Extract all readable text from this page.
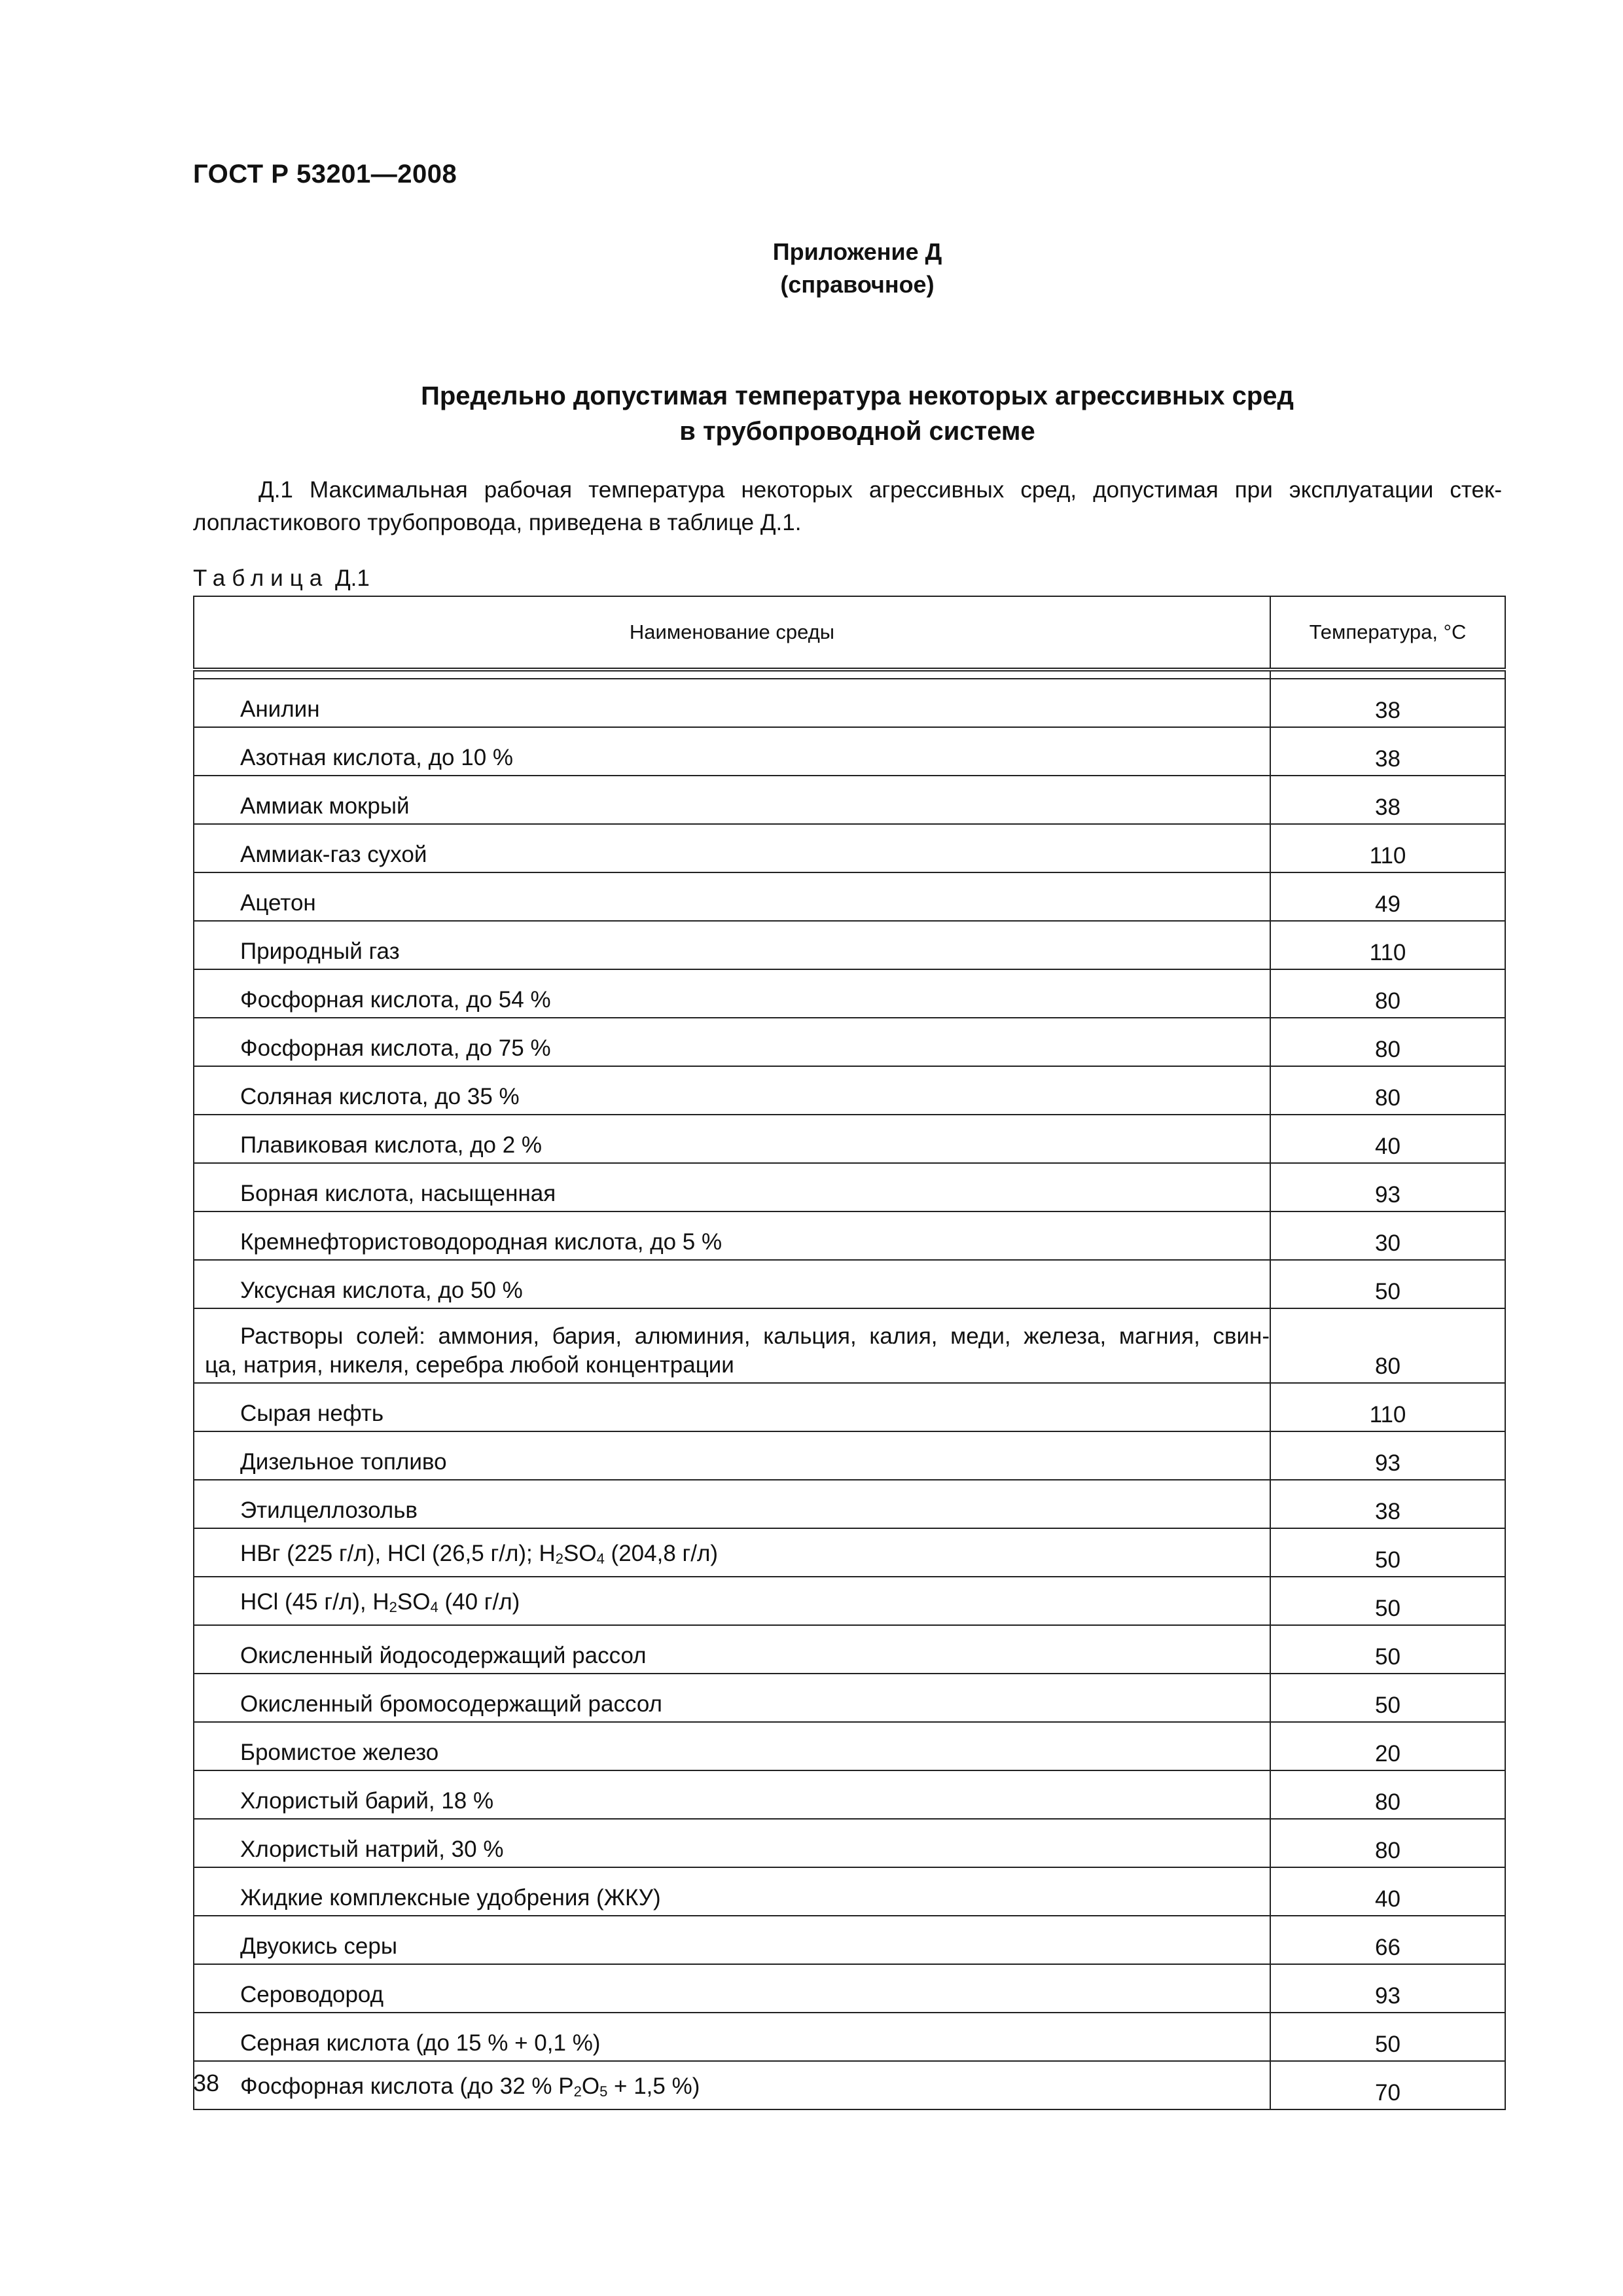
ГОСТ Р 53201—2008
Приложение Д
(справочное)
Предельно допустимая температура некоторых агрессивных сред
в трубопроводной системе
Д.1 Максимальная рабочая температура некоторых агрессивных сред, допустимая при эксплуатации стек-
лопластикового трубопровода, приведена в таблице Д.1.
Таблица Д.1
Наименование среды	Температура, °С

Анилин	38
Азотная кислота, до 10 %	38
Аммиак мокрый	38
Аммиак-газ сухой	110
Ацетон	49
Природный газ	110
Фосфорная кислота, до 54 %	80
Фосфорная кислота, до 75 %	80
Соляная кислота, до 35 %	80
Плавиковая кислота, до 2 %	40
Борная кислота, насыщенная	93
Кремнефтористоводородная кислота, до 5 %	30
Уксусная кислота, до 50 %	50

Растворы солей: аммония, бария, алюминия, кальция, калия, меди, железа, магния, свин-
ца, натрия, никеля, серебра любой концентрации	80
Сырая нефть	110
Дизельное топливо	93
Этилцеллозольв	38
НВг (225 г/л), HCl (26,5 г/л); $H_2SO_4$ (204,8 г/л)	50
HCl (45 г/л), $H_2SO_4$ (40 г/л)	50
Окисленный йодосодержащий рассол	50
Окисленный бромосодержащий рассол	50
Бромистое железо	20
Хлористый барий, 18 %	80
Хлористый натрий, 30 %	80
Жидкие комплексные удобрения (ЖКУ)	40
Двуокись серы	66
Сероводород	93
Серная кислота (до 15 % + 0,1 %)	50
Фосфорная кислота (до 32 % $P_2O_5 + 1,5$ %)	70
38
